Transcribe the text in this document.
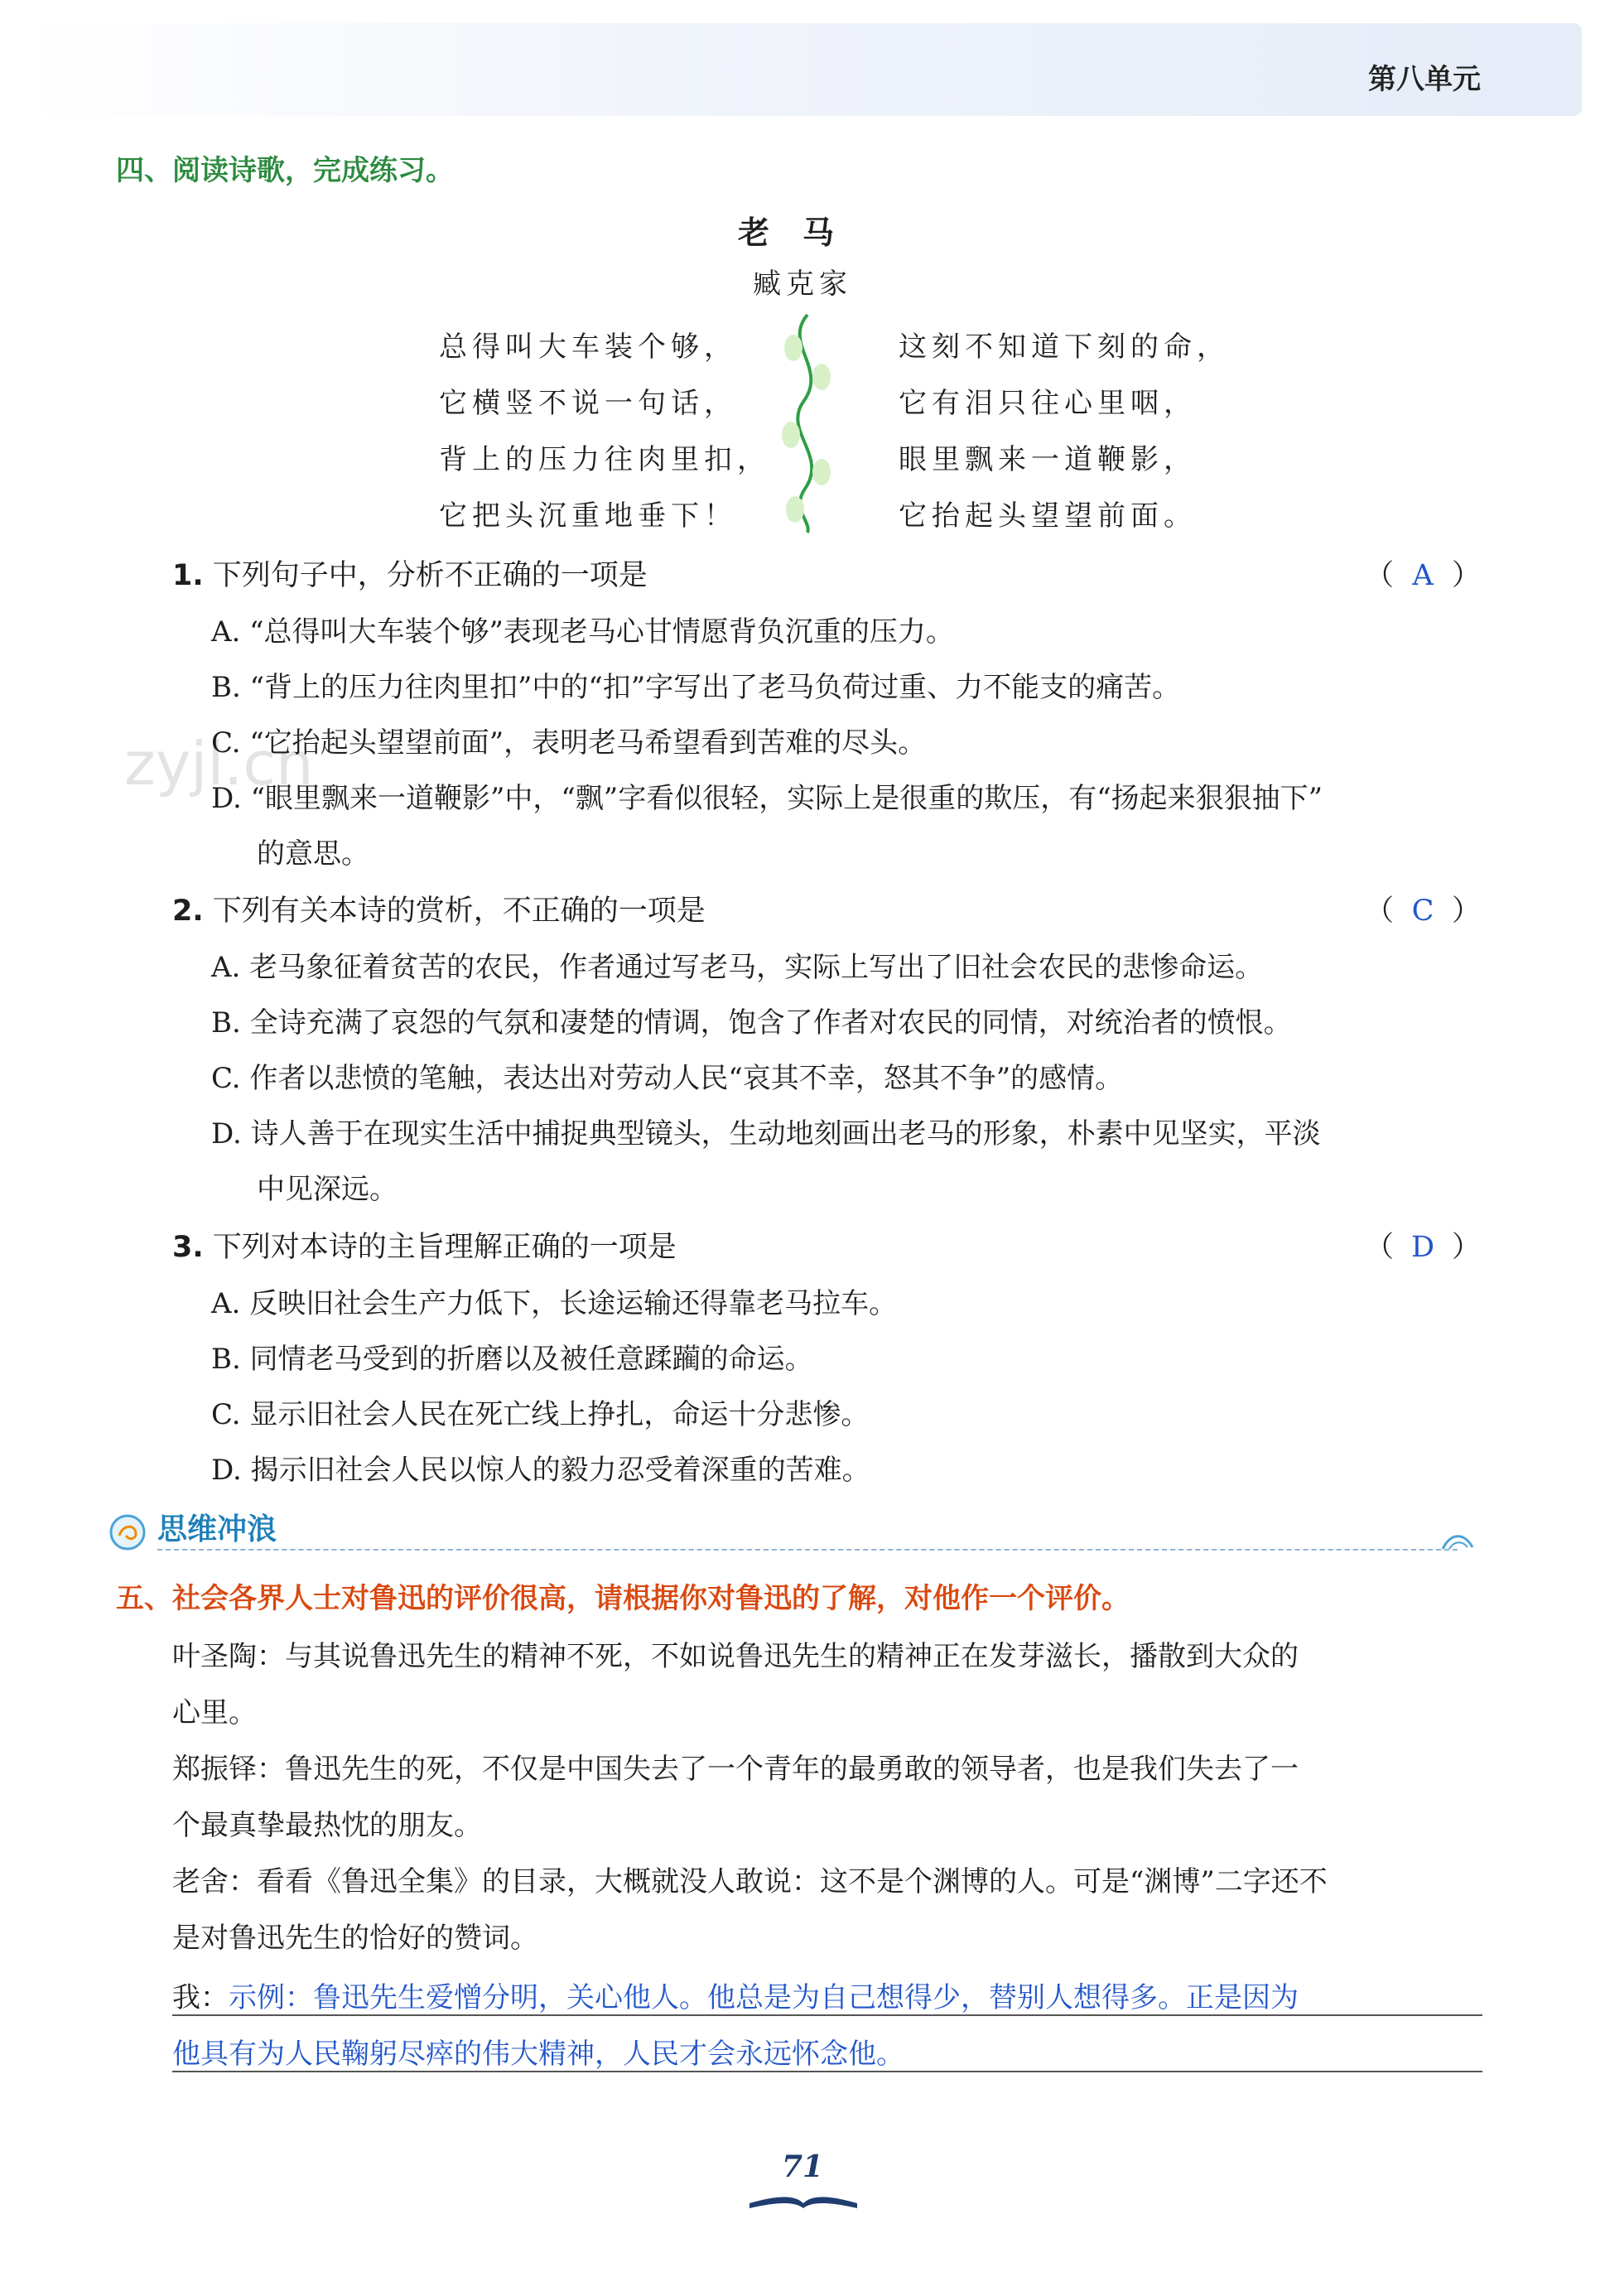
第八单元
zyjl.cn
四、阅读诗歌，完成练习。
老马
臧克家
总得叫大车装个够，
它横竖不说一句话，
背上的压力往肉里扣，
它把头沉重地垂下！
这刻不知道下刻的命，
它有泪只往心里咽，
眼里飘来一道鞭影，
它抬起头望望前面。
1. 下列句子中，分析不正确的一项是	（ A ）
A. “总得叫大车装个够”表现老马心甘情愿背负沉重的压力。
B. “背上的压力往肉里扣”中的“扣”字写出了老马负荷过重、力不能支的痛苦。
C. “它抬起头望望前面”，表明老马希望看到苦难的尽头。
D. “眼里飘来一道鞭影”中，“飘”字看似很轻，实际上是很重的欺压，有“扬起来狠狠抽下”
的意思。
2. 下列有关本诗的赏析，不正确的一项是	（ C ）
A. 老马象征着贫苦的农民，作者通过写老马，实际上写出了旧社会农民的悲惨命运。
B. 全诗充满了哀怨的气氛和凄楚的情调，饱含了作者对农民的同情，对统治者的愤恨。
C. 作者以悲愤的笔触，表达出对劳动人民“哀其不幸，怒其不争”的感情。
D. 诗人善于在现实生活中捕捉典型镜头，生动地刻画出老马的形象，朴素中见坚实，平淡
中见深远。
3. 下列对本诗的主旨理解正确的一项是	（ D ）
A. 反映旧社会生产力低下，长途运输还得靠老马拉车。
B. 同情老马受到的折磨以及被任意蹂躏的命运。
C. 显示旧社会人民在死亡线上挣扎，命运十分悲惨。
D. 揭示旧社会人民以惊人的毅力忍受着深重的苦难。
思维冲浪
五、社会各界人士对鲁迅的评价很高，请根据你对鲁迅的了解，对他作一个评价。
叶圣陶：与其说鲁迅先生的精神不死，不如说鲁迅先生的精神正在发芽滋长，播散到大众的
心里。
郑振铎：鲁迅先生的死，不仅是中国失去了一个青年的最勇敢的领导者，也是我们失去了一
个最真挚最热忱的朋友。
老舍：看看《鲁迅全集》的目录，大概就没人敢说：这不是个渊博的人。可是“渊博”二字还不
是对鲁迅先生的恰好的赞词。
我：示例：鲁迅先生爱憎分明，关心他人。他总是为自己想得少，替别人想得多。正是因为
他具有为人民鞠躬尽瘁的伟大精神，人民才会永远怀念他。
71
